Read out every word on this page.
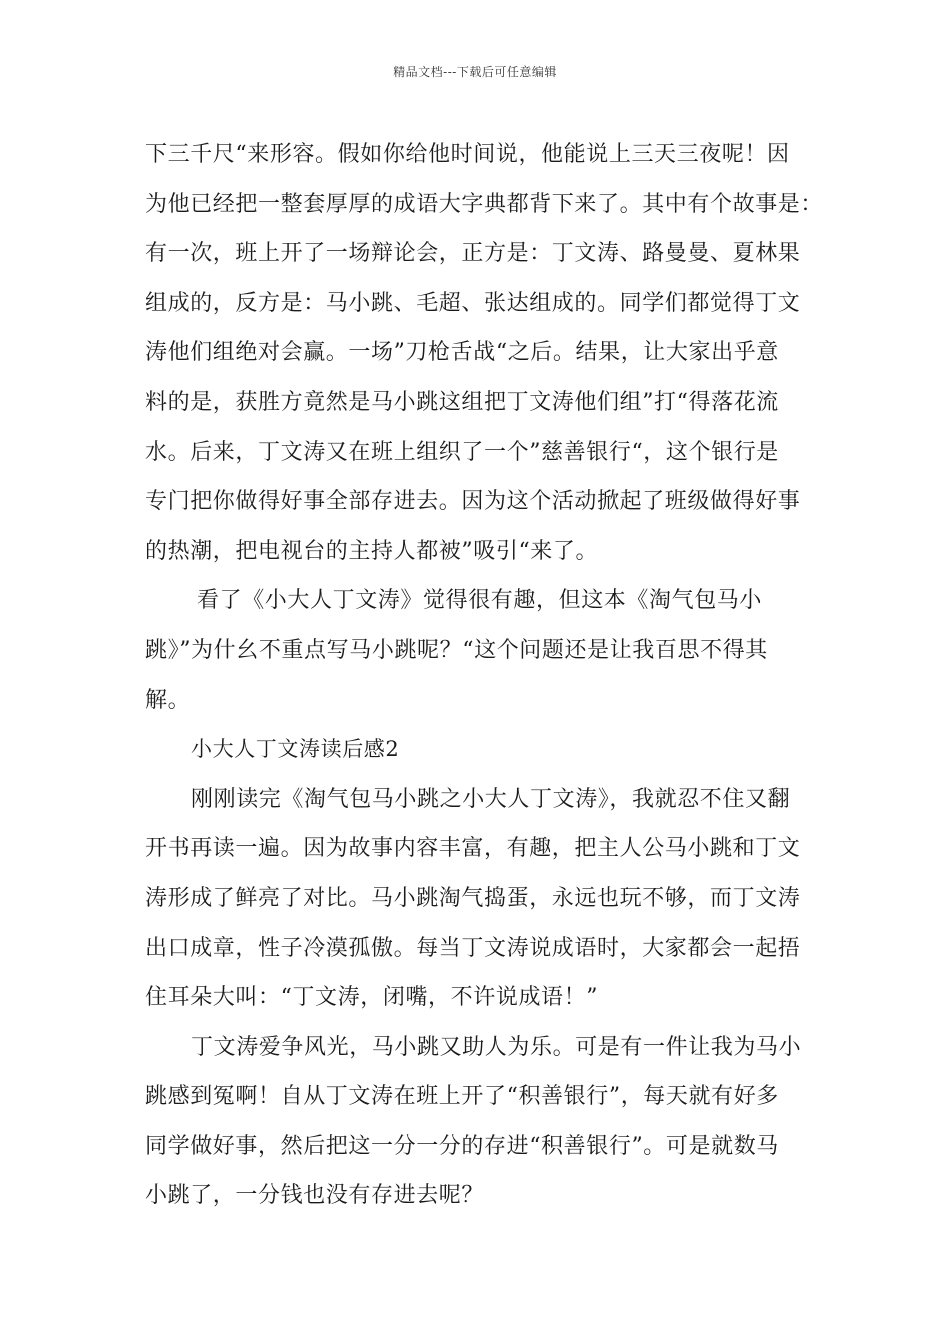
精品文档---下载后可任意编辑
下三千尺“来形容。假如你给他时间说，他能说上三天三夜呢！因
为他已经把一整套厚厚的成语大字典都背下来了。其中有个故事是：
有一次，班上开了一场辩论会，正方是：丁文涛、路曼曼、夏林果
组成的，反方是：马小跳、毛超、张达组成的。同学们都觉得丁文
涛他们组绝对会赢。一场”刀枪舌战“之后。结果，让大家出乎意
料的是，获胜方竟然是马小跳这组把丁文涛他们组”打“得落花流
水。后来，丁文涛又在班上组织了一个”慈善银行“，这个银行是
专门把你做得好事全部存进去。因为这个活动掀起了班级做得好事
的热潮，把电视台的主持人都被”吸引“来了。
看了《小大人丁文涛》觉得很有趣，但这本《淘气包马小
跳》”为什幺不重点写马小跳呢？“这个问题还是让我百思不得其
解。
小大人丁文涛读后感2
刚刚读完《淘气包马小跳之小大人丁文涛》，我就忍不住又翻
开书再读一遍。因为故事内容丰富，有趣，把主人公马小跳和丁文
涛形成了鲜亮了对比。马小跳淘气捣蛋，永远也玩不够，而丁文涛
出口成章，性子冷漠孤傲。每当丁文涛说成语时，大家都会一起捂
住耳朵大叫：“丁文涛，闭嘴，不许说成语！”
丁文涛爱争风光，马小跳又助人为乐。可是有一件让我为马小
跳感到冤啊！自从丁文涛在班上开了“积善银行”，每天就有好多
同学做好事，然后把这一分一分的存进“积善银行”。可是就数马
小跳了，一分钱也没有存进去呢？
